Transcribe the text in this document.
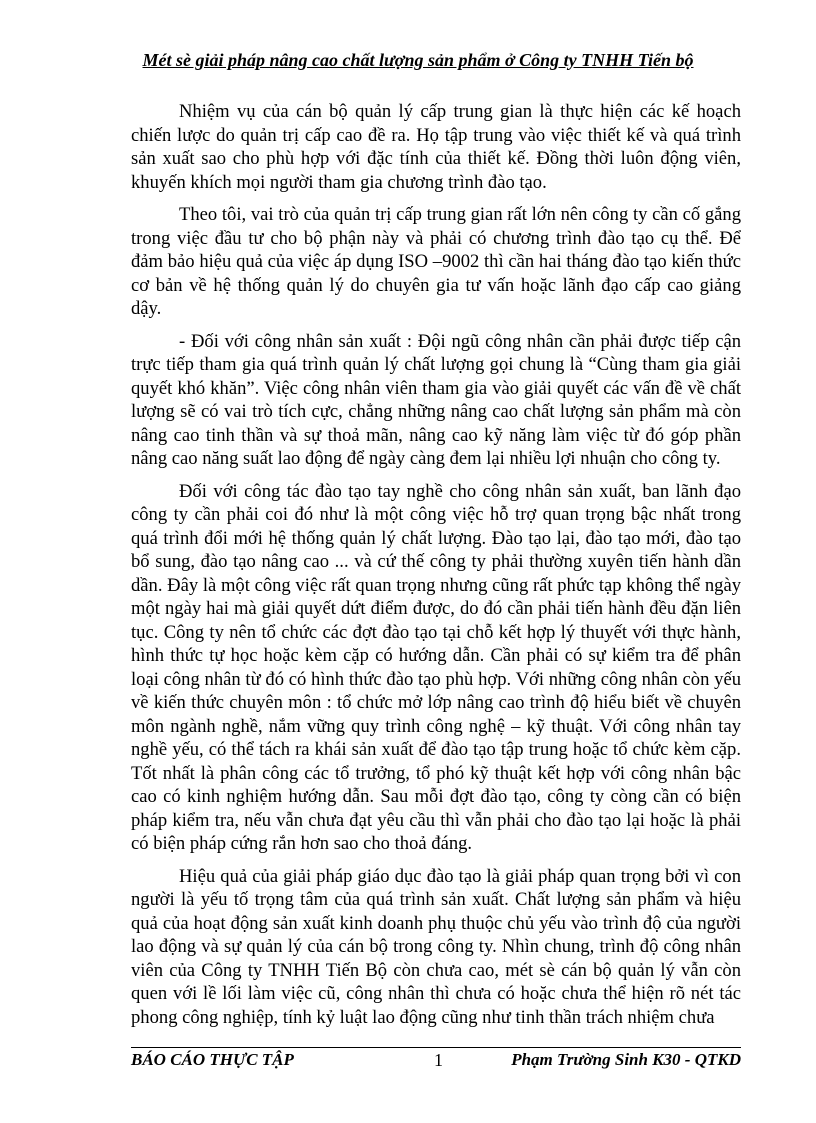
Mét sè giải pháp nâng cao chất lượng sản phẩm ở Công ty TNHH Tiến bộ

Nhiệm vụ của cán bộ quản lý cấp trung gian là thực hiện các kế hoạch chiến lược do quản trị cấp cao đề ra. Họ tập trung vào việc thiết kế và quá trình sản xuất sao cho phù hợp với đặc tính của thiết kế. Đồng thời luôn động viên, khuyến khích mọi người tham gia chương trình đào tạo.

Theo tôi, vai trò của quản trị cấp trung gian rất lớn nên công ty cần cố gắng trong việc đầu tư cho bộ phận này và phải có chương trình đào tạo cụ thể. Để đảm bảo hiệu quả của việc áp dụng ISO –9002 thì cần hai tháng đào tạo kiến thức cơ bản về hệ thống quản lý do chuyên gia tư vấn hoặc lãnh đạo cấp cao giảng dậy.

- Đối với công nhân sản xuất : Đội ngũ công nhân cần phải được tiếp cận trực tiếp tham gia quá trình quản lý chất lượng gọi chung là “Cùng tham gia giải quyết khó khăn”. Việc công nhân viên tham gia vào giải quyết các vấn đề về chất lượng sẽ có vai trò tích cực, chẳng những nâng cao chất lượng sản phẩm mà còn nâng cao tinh thần và sự thoả mãn, nâng cao kỹ năng làm việc từ đó góp phần nâng cao năng suất lao động để ngày càng đem lại nhiều lợi nhuận cho công ty.

Đối với công tác đào tạo tay nghề cho công nhân sản xuất, ban lãnh đạo công ty cần phải coi đó như là một công việc hỗ trợ quan trọng bậc nhất trong quá trình đổi mới hệ thống quản lý chất lượng. Đào tạo lại, đào tạo mới, đào tạo bổ sung, đào tạo nâng cao ... và cứ thế công ty phải thường xuyên tiến hành dần dần. Đây là một công việc rất quan trọng nhưng cũng rất phức tạp không thể ngày một ngày hai mà giải quyết dứt điểm được, do đó cần phải tiến hành đều đặn liên tục. Công ty nên tổ chức các đợt đào tạo tại chỗ kết hợp lý thuyết với thực hành, hình thức tự học hoặc kèm cặp có hướng dẫn. Cần phải có sự kiểm tra để phân loại công nhân từ đó có hình thức đào tạo phù hợp. Với những công nhân còn yếu về kiến thức chuyên môn : tổ chức mở lớp nâng cao trình độ hiểu biết về chuyên môn ngành nghề, nắm vững quy trình công nghệ – kỹ thuật. Với công nhân tay nghề yếu, có thể tách ra khái sản xuất để đào tạo tập trung hoặc tổ chức kèm cặp. Tốt nhất là phân công các tổ trưởng, tổ phó kỹ thuật kết hợp với công nhân bậc cao có kinh nghiệm hướng dẫn. Sau mỗi đợt đào tạo, công ty còng cần có biện pháp kiểm tra, nếu vẫn chưa đạt yêu cầu thì vẫn phải cho đào tạo lại hoặc là phải có biện pháp cứng rắn hơn sao cho thoả đáng.

Hiệu quả của giải pháp giáo dục đào tạo là giải pháp quan trọng bởi vì con người là yếu tố trọng tâm của quá trình sản xuất. Chất lượng sản phẩm và hiệu quả của hoạt động sản xuất kinh doanh phụ thuộc chủ yếu vào trình độ của người lao động và sự quản lý của cán bộ trong công ty. Nhìn chung, trình độ công nhân viên của Công ty TNHH Tiến Bộ còn chưa cao, mét sè cán bộ quản lý vẫn còn quen với lề lối làm việc cũ, công nhân thì chưa có hoặc chưa thể hiện rõ nét tác phong công nghiệp, tính kỷ luật lao động cũng như tinh thần trách nhiệm chưa

BÁO CÁO THỰC TẬP	1	Phạm Trường Sinh K30 - QTKD
